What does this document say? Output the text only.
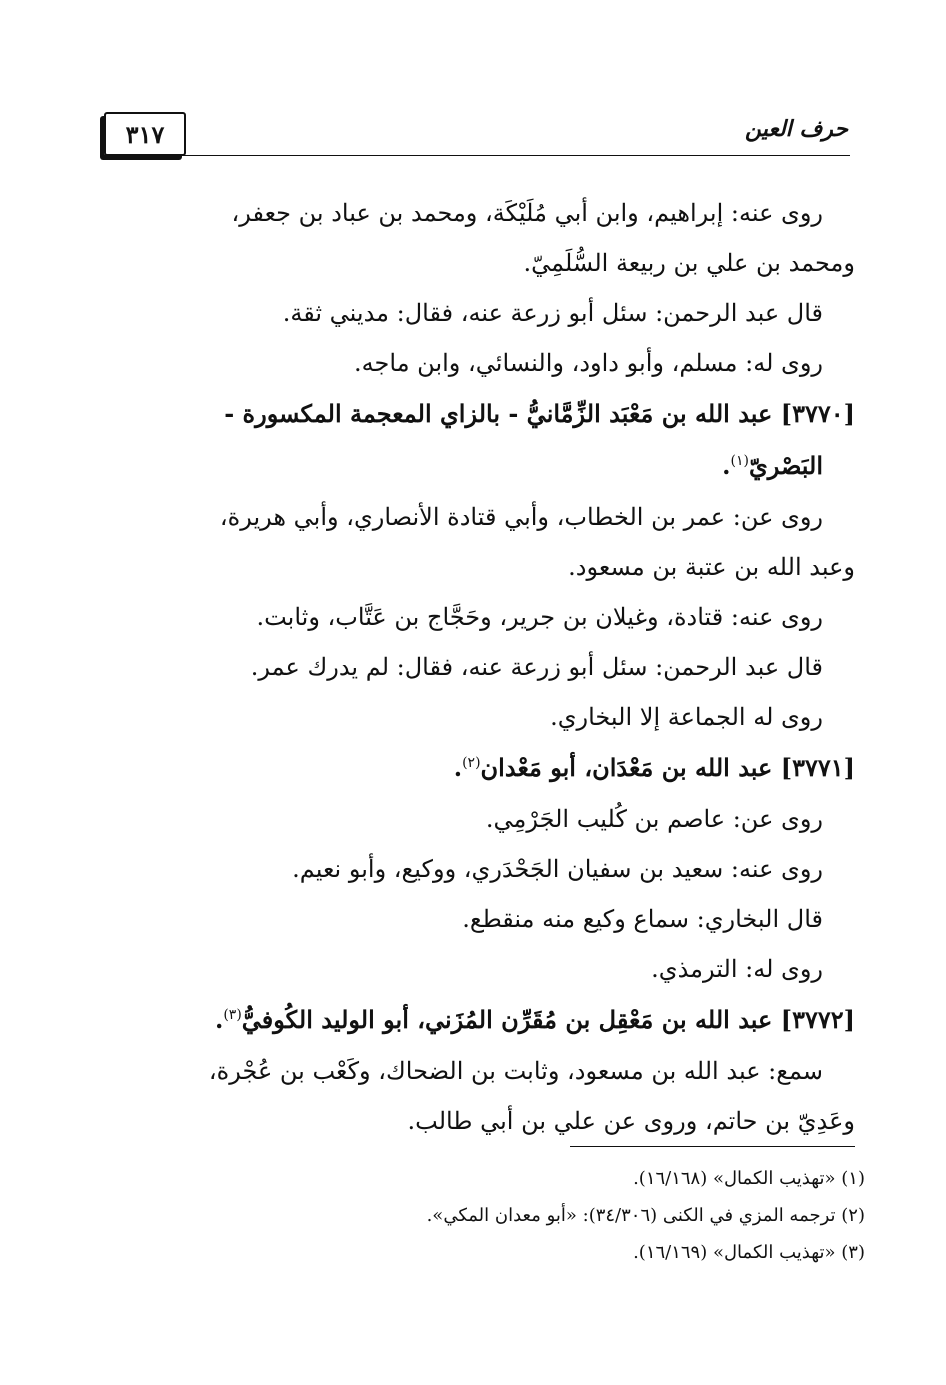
٣١٧	حرف العين
روى عنه: إبراهيم، وابن أبي مُلَيْكَة، ومحمد بن عباد بن جعفر،
ومحمد بن علي بن ربيعة السُّلَمِيّ.
قال عبد الرحمن: سئل أبو زرعة عنه، فقال: مديني ثقة.
روى له: مسلم، وأبو داود، والنسائي، وابن ماجه.
[٣٧٧٠] عبد الله بن مَعْبَد الزِّمَّانيُّ - بالزاي المعجمة المكسورة -
البَصْريّ$^{(١)}$.
روى عن: عمر بن الخطاب، وأبي قتادة الأنصاري، وأبي هريرة،
وعبد الله بن عتبة بن مسعود.
روى عنه: قتادة، وغيلان بن جرير، وحَجَّاج بن عَتَّاب، وثابت.
قال عبد الرحمن: سئل أبو زرعة عنه، فقال: لم يدرك عمر.
روى له الجماعة إلا البخاري.
[٣٧٧١] عبد الله بن مَعْدَان، أبو مَعْدان$^{(٢)}$.
روى عن: عاصم بن كُليب الجَرْمِي.
روى عنه: سعيد بن سفيان الجَحْدَري، ووكيع، وأبو نعيم.
قال البخاري: سماع وكيع منه منقطع.
روى له: الترمذي.
[٣٧٧٢] عبد الله بن مَعْقِل بن مُقَرِّن المُزَني، أبو الوليد الكُوفيُّ$^{(٣)}$.
سمع: عبد الله بن مسعود، وثابت بن الضحاك، وكَعْب بن عُجْرة،
وعَدِيّ بن حاتم، وروى عن علي بن أبي طالب.
(١) «تهذيب الكمال» (١٦/١٦٨).
(٢) ترجمه المزي في الكنى (٣٤/٣٠٦): «أبو معدان المكي».
(٣) «تهذيب الكمال» (١٦/١٦٩).
